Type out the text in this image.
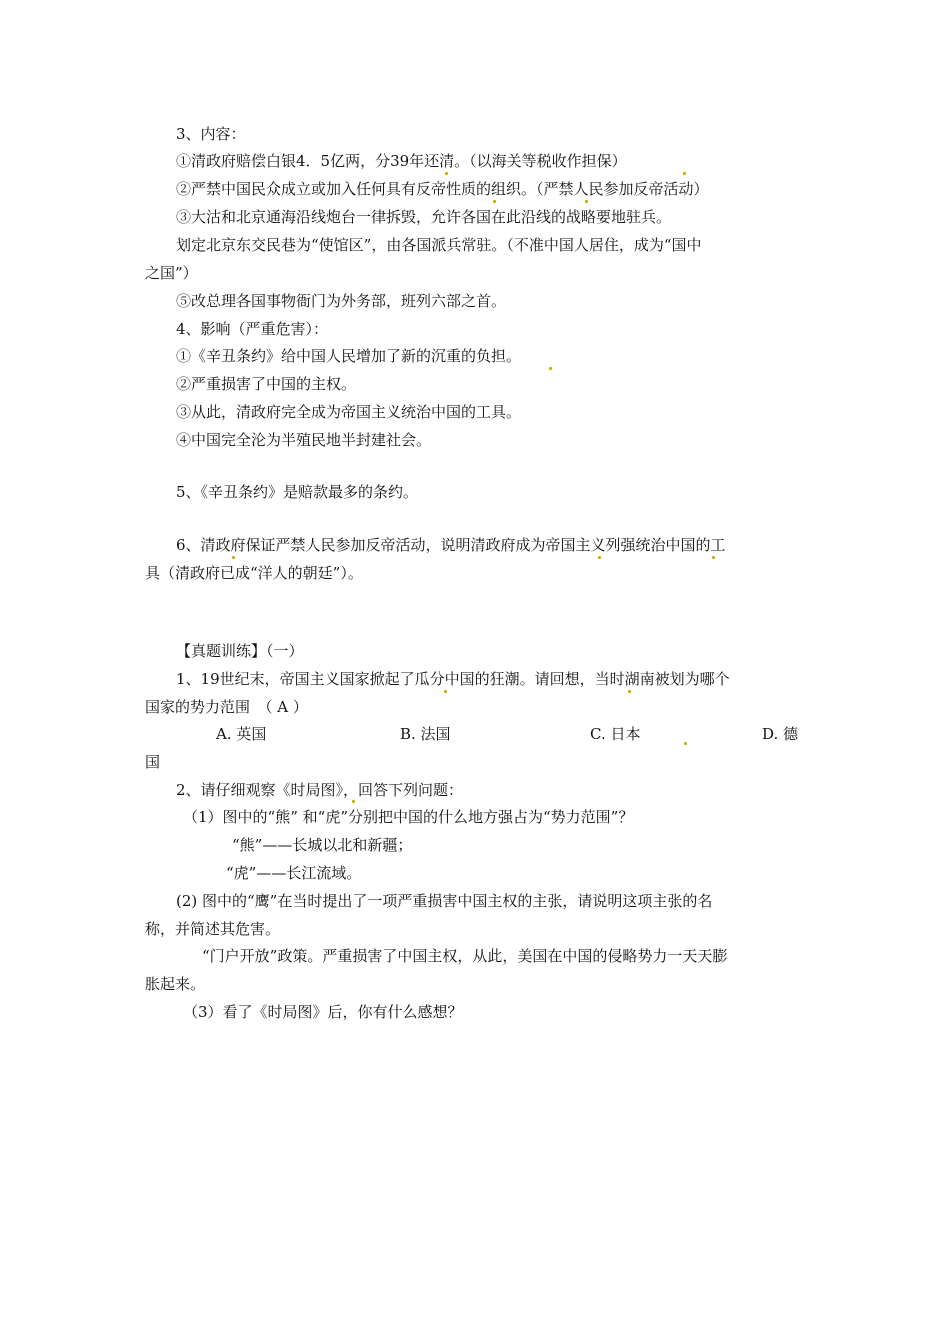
3、内容：
①清政府赔偿白银4．5亿两，分39年还清。（以海关等税收作担保）
②严禁中国民众成立或加入任何具有反帝性质的组织。（严禁人民参加反帝活动）
③大沽和北京通海沿线炮台一律拆毁，允许各国在此沿线的战略要地驻兵。
划定北京东交民巷为“使馆区”，由各国派兵常驻。（不准中国人居住，成为“国中
之国”）
⑤改总理各国事物衙门为外务部，班列六部之首。
4、影响（严重危害）：
①《辛丑条约》给中国人民增加了新的沉重的负担。
②严重损害了中国的主权。
③从此，清政府完全成为帝国主义统治中国的工具。
④中国完全沦为半殖民地半封建社会。
5、《辛丑条约》是赔款最多的条约。
6、清政府保证严禁人民参加反帝活动，说明清政府成为帝国主义列强统治中国的工
具（清政府已成“洋人的朝廷”）。
【真题训练】（一）
1、19世纪末，帝国主义国家掀起了瓜分中国的狂潮。请回想，当时湖南被划为哪个
国家的势力范围　（ A ）
A. 英国	B. 法国	C. 日本	D. 德
国
2、请仔细观察《时局图》，回答下列问题：
（1）图中的“熊” 和“虎”分别把中国的什么地方强占为“势力范围”？
“熊”——长城以北和新疆；
“虎”——长江流域。
(2) 图中的“鹰”在当时提出了一项严重损害中国主权的主张，请说明这项主张的名
称，并简述其危害。
“门户开放”政策。严重损害了中国主权，从此，美国在中国的侵略势力一天天膨
胀起来。
（3）看了《时局图》后，你有什么感想？
